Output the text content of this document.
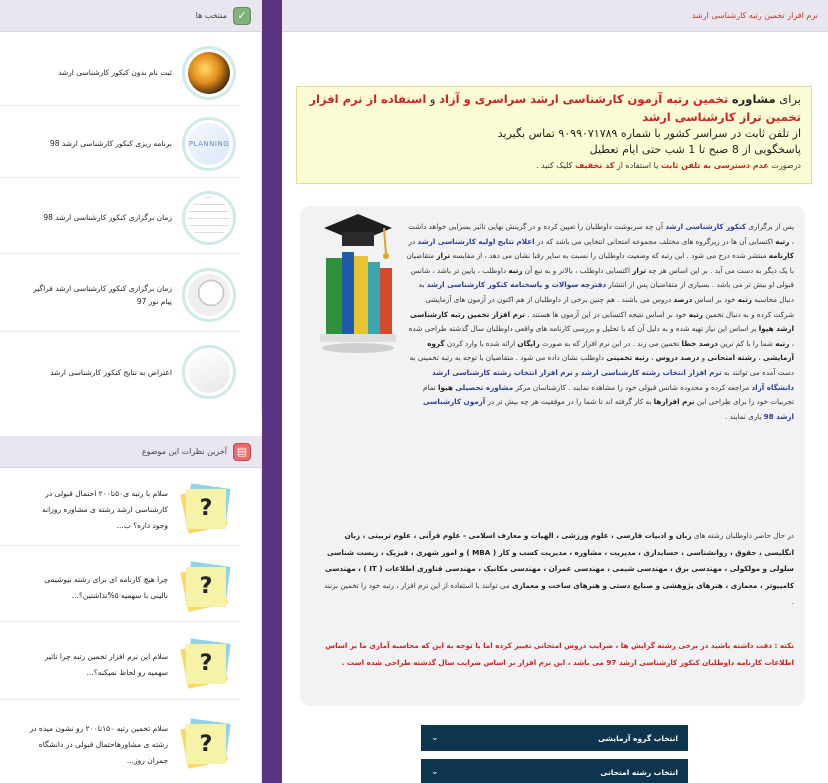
منتخب ها ✓
ثبت نام بدون کنکور کارشناسی ارشد
برنامه ریزی کنکور کارشناسی ارشد 98	PLANNING
زمان برگزاری کنکور کارشناسی ارشد 98
زمان برگزاری کنکور کارشناسی ارشد فراگیر پیام نور 97
اعتراض به نتایج کنکور کارشناسی ارشد
آخرین نظرات این موضوع ▤
سلام با رتبه ی۵۰تا۲۰۰ احتمال قبولی در کارشناسی ارشد رشته ی مشاوره روزانه وجود داره؟ ب...
?
چرا هیچ کارنامه ای برای رشته بیوشیمی بالینی با سهمیه ۵%نذاشتین؟...	?
سلام این نرم افزار تخمین رتبه چرا تاثیر سهمیه رو لحاظ نمیکنه؟...	?
سلام تخمین رتبه ۱۵۰تا۲۰۰ رو نشون میده در رشته ی مشاورهاحتمال قبولی در دانشگاه جمران روز...
?
نرم افزار تخمین رتبه کارشناسی ارشد
برای مشاوره تخمین رتبه آزمون کارشناسی ارشد سراسری و آزاد و استفاده از نرم افزار تخمین تراز کارشناسی ارشد
از تلفن ثابت در سراسر کشور با شماره ۹۰۹۹۰۷۱۷۸۹ تماس بگیرید
پاسخگویی از 8 صبح تا 1 شب حتی ایام تعطیل
درصورت عدم دسترسی به تلفن ثابت یا استفاده از کد تخفیف کلیک کنید .
پس از برگزاری کنکور کارشناسی ارشد آن چه سرنوشت داوطلبان را تعیین کرده و در گزینش نهایی تاثیر بسزایی خواهد داشت ، رتبه اکتسابی آن ها در زیرگروه های مختلف مجموعه امتحانی انتخابی می باشد که در اعلام نتایج اولیه کارشناسی ارشد در کارنامه منتشر شده درج می شود . این رتبه که وضعیت داوطلبان را نسبت به سایر رقبا نشان می دهد ، از مقایسه تراز متقاضیان با یک دیگر به دست می آید . بر این اساس هر چه تراز اکتسابی داوطلب ، بالاتر و به تبع آن رتبه داوطلب ، پایین تر باشد ، شانس قبولی او بیش تر می باشد . بسیاری از متقاضیان پس از انتشار دفترچه سوالات و پاسخنامه کنکور کارشناسی ارشد به دنبال محاسبه رتبه خود بر اساس درصد دروس می باشند . هم چنین برخی از داوطلبان از هم اکنون در آزمون های آزمایشی شرکت کرده و به دنبال تخمین رتبه خود بر اساس نتیجه اکتسابی در این آزمون ها هستند . نرم افزار تخمین رتبه کارشناسی ارشد هیوا بر اساس این نیاز تهیه شده و به دلیل آن که با تحلیل و بررسی کارنامه های واقعی داوطلبان سال گذشته طراحی شده ، رتبه شما را با کم ترین درصد خطا تخمین می زند . در این نرم افزار که به صورت رایگان ارائه شده با وارد کردن گروه آزمایشی ، رشته امتحانی و درصد دروس ، رتبه تخمینی داوطلب نشان داده می شود . متقاضیان با توجه به رتبه تخمینی به دست آمده می توانند به نرم افزار انتخاب رشته کارشناسی ارشد و نرم افزار انتخاب رشته کارشناسی ارشد دانشگاه آزاد مراجعه کرده و محدوده شانس قبولی خود را مشاهده نمایند . کارشناسان مرکز مشاوره تحصیلی هیوا تمام تجربیات خود را برای طراحی این نرم افزارها به کار گرفته اند تا شما را در موفقیت هر چه بیش تر در آزمون کارشناسی ارشد 98 یاری نمایند .
در حال حاضر داوطلبان رشته های زبان و ادبیات فارسی ، علوم ورزشی ، الهیات و معارف اسلامی - علوم قرآنی ، علوم تربیتی ، زبان انگلیسی ، حقوق ، روانشناسی ، حسابداری ، مدیریت ، مشاوره ، مدیریت کسب و کار ( MBA ) و امور شهری ، فیزیک ، زیست شناسی سلولی و مولکولی ، مهندسی برق ، مهندسی شیمی ، مهندسی عمران ، مهندسی مکانیک ، مهندسی فناوری اطلاعات ( IT ) ، مهندسی کامپیوتر ، معماری ، هنرهای پژوهشی و صنایع دستی و هنرهای ساخت و معماری می توانند با استفاده از این نرم افزار ، رتبه خود را تخمین بزنند .
نکته : دقت داشته باشید در برخی رشته گرایش ها ، ضرایب دروس امتحانی تغییر کرده اما با توجه به این که محاسبه آماری ما بر اساس اطلاعات کارنامه داوطلبان کنکور کارشناسی ارشد 97 می باشد ، این نرم افزار بر اساس ضرایب سال گذشته طراحی شده است .
⌄	انتخاب گروه آزمایشی
⌄	انتخاب رشته امتحانی
